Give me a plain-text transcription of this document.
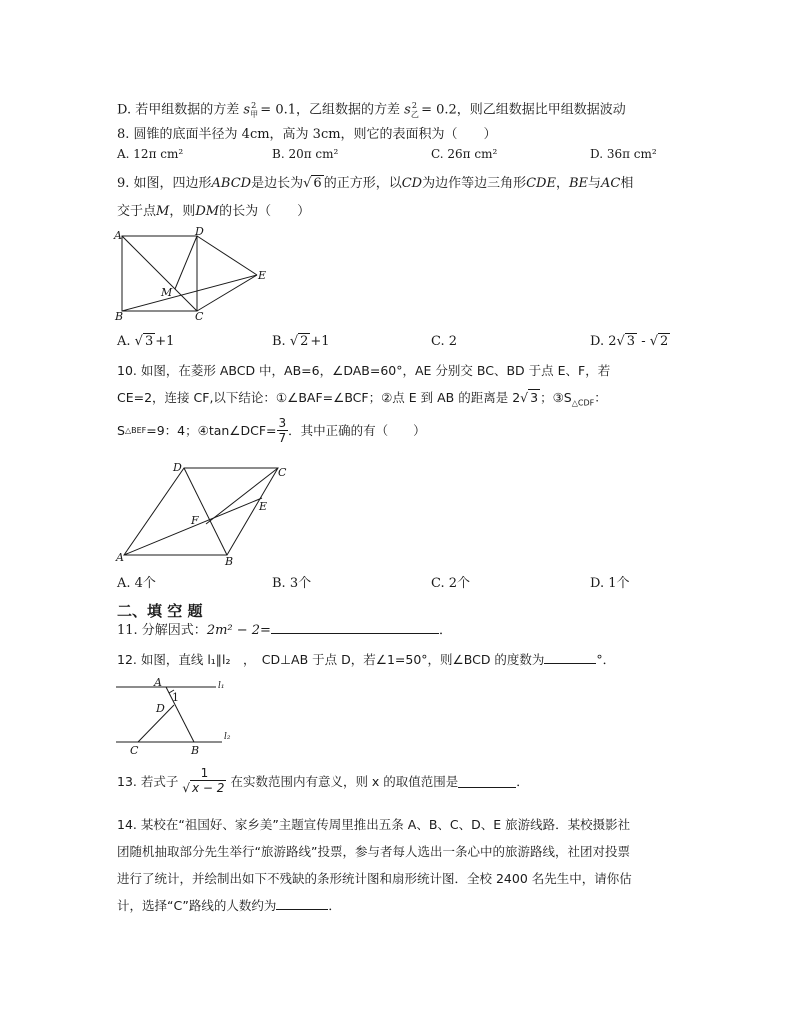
D. 若甲组数据的方差 $s_甲^2 = 0.1$，乙组数据的方差 $s_乙^2 = 0.2$，则乙组数据比甲组数据波动
8. 圆锥的底面半径为 4cm，高为 3cm，则它的表面积为（　　）
A. 12π cm²	B. 20π cm²	C. 26π cm²	D. 36π cm²
9. 如图，四边形ABCD是边长为√ 6 的正方形，以CD为边作等边三角形CDE，BE与AC相
交于点M，则DM的长为（　　）
A	D
E
M
B	C
A. √ 3 +1	B. √ 2 +1	C. 2	D. 2√ 3 - √ 2
10. 如图，在菱形 ABCD 中，AB=6，∠DAB=60°，AE 分别交 BC、BD 于点 E、F，若
CE=2，连接 CF,以下结论：①∠BAF=∠BCF；②点 E 到 AB 的距离是 2√ 3 ；$③S_{\triangle CDF}$：
S △BEF =9：4；④tan∠DCF= $\frac{3}{7}$ ．其中正确的有（　　）
D	C
E
F
A	B
A. 4个	B. 3个	C. 2个	D. 1个
二、填 空 题
11. 分解因式：2m² − 2=	．
12. 如图，直线 l₁∥l₂　，　CD⊥AB 于点 D，若∠1=50°，则∠BCD 的度数为	°．
A
1
l₁
D
l₂
C	B
13. 若式子 $\frac{1}{√ x - 2}$ 在实数范围内有意义，则 x 的取值范围是	．
14. 某校在“祖国好、家乡美”主题宣传周里推出五条 A、B、C、D、E 旅游线路．某校摄影社
团随机抽取部分先生举行“旅游路线”投票，参与者每人选出一条心中的旅游路线，社团对投票
进行了统计，并绘制出如下不残缺的条形统计图和扇形统计图．全校 2400 名先生中，请你估
计，选择“C”路线的人数约为	．
